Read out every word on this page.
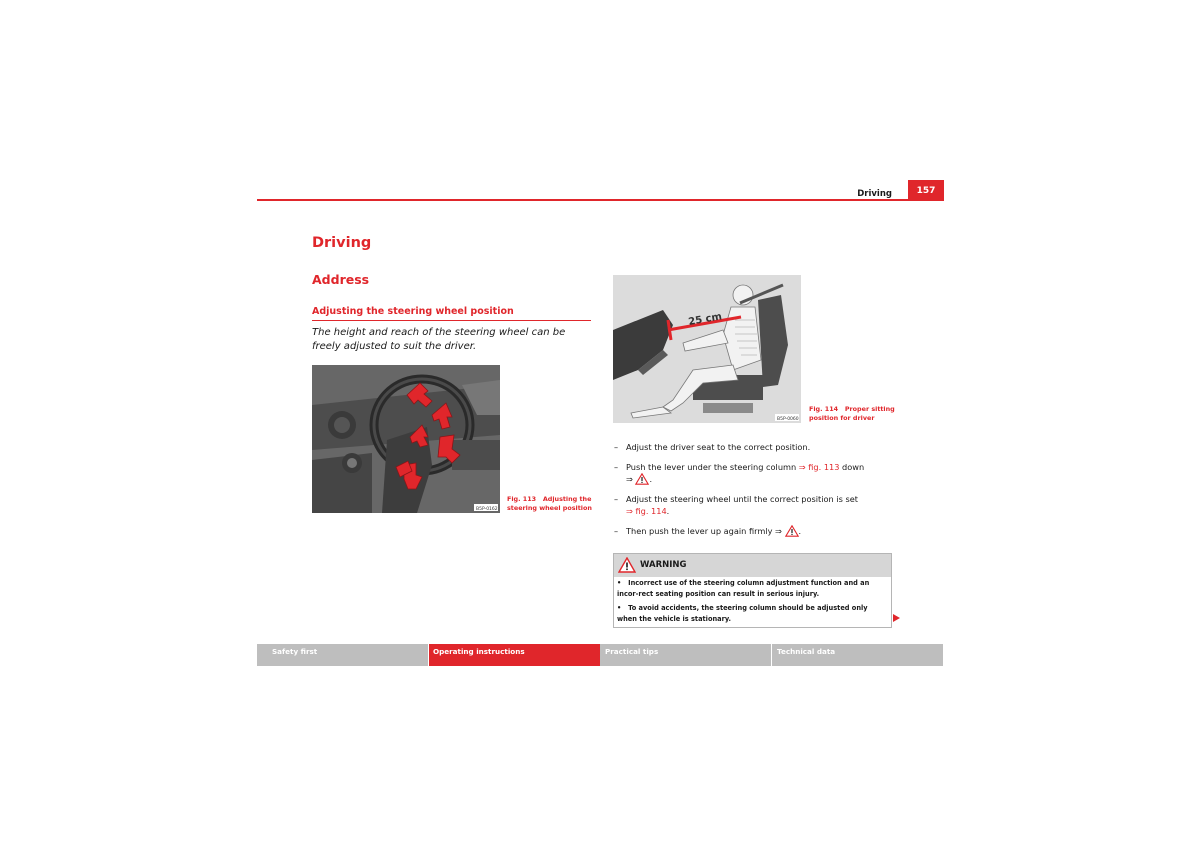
Driving	157
Driving
Address
Adjusting the steering wheel position
The height and reach of the steering wheel can be freely adjusted to suit the driver.
B5P-0162
Fig. 113 Adjusting the steering wheel position
25 cm
B5P-0060
Fig. 114 Proper sitting position for driver
– Adjust the driver seat to the correct position.
– Push the lever under the steering column ⇒ fig. 113 down
⇒ .
– Adjust the steering wheel until the correct position is set
⇒ fig. 114.
– Then push the lever up again firmly ⇒ .
WARNING
• Incorrect use of the steering column adjustment function and an incor-rect seating position can result in serious injury.
• To avoid accidents, the steering column should be adjusted only when the vehicle is stationary.
Safety first	Operating instructions	Practical tips	Technical data
